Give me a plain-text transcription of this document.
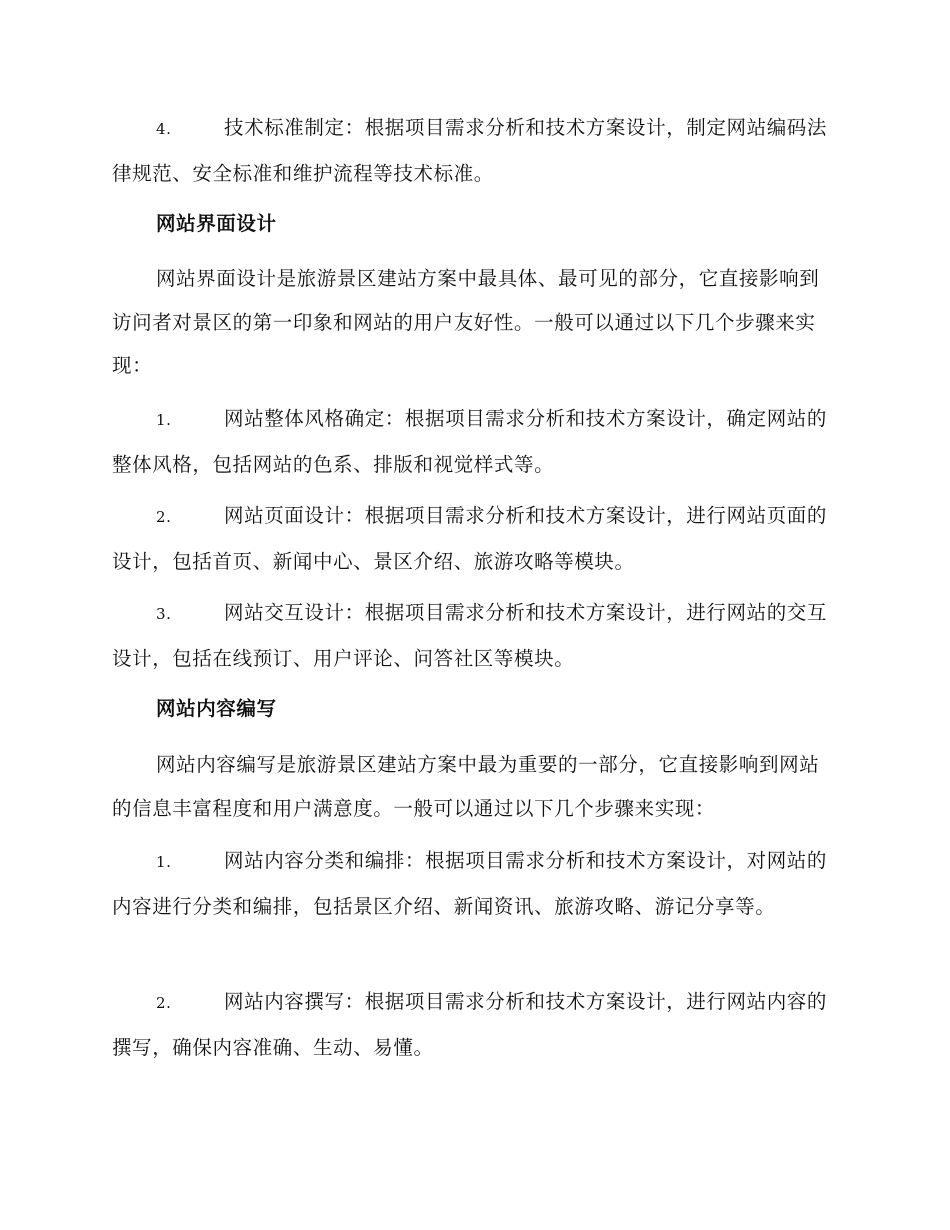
4.	技术标准制定：根据项目需求分析和技术方案设计，制定网站编码法律规范、安全标准和维护流程等技术标准。

网站界面设计

网站界面设计是旅游景区建站方案中最具体、最可见的部分，它直接影响到访问者对景区的第一印象和网站的用户友好性。一般可以通过以下几个步骤来实现：

1.	网站整体风格确定：根据项目需求分析和技术方案设计，确定网站的整体风格，包括网站的色系、排版和视觉样式等。

2.	网站页面设计：根据项目需求分析和技术方案设计，进行网站页面的设计，包括首页、新闻中心、景区介绍、旅游攻略等模块。

3.	网站交互设计：根据项目需求分析和技术方案设计，进行网站的交互设计，包括在线预订、用户评论、问答社区等模块。

网站内容编写

网站内容编写是旅游景区建站方案中最为重要的一部分，它直接影响到网站的信息丰富程度和用户满意度。一般可以通过以下几个步骤来实现：

1.	网站内容分类和编排：根据项目需求分析和技术方案设计，对网站的内容进行分类和编排，包括景区介绍、新闻资讯、旅游攻略、游记分享等。

2.	网站内容撰写：根据项目需求分析和技术方案设计，进行网站内容的撰写，确保内容准确、生动、易懂。
